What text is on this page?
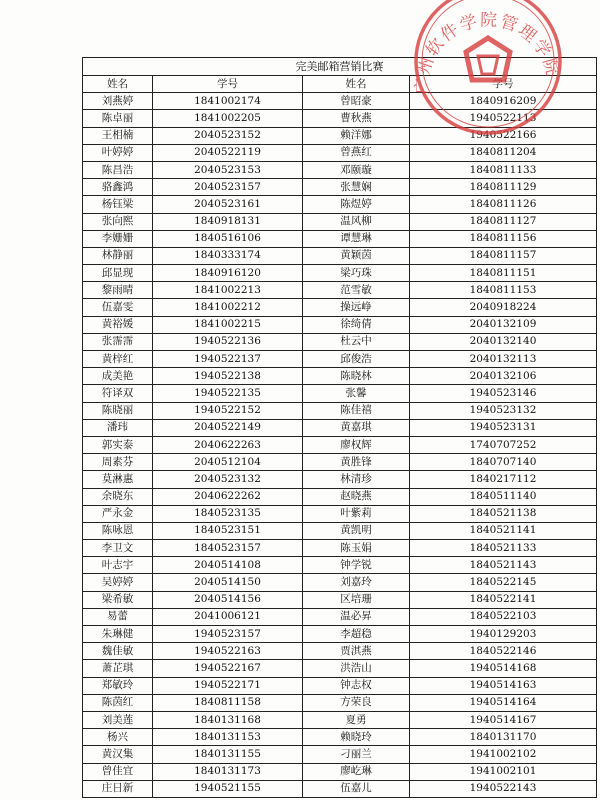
完美邮箱营销比赛			
姓名	学号	姓名	学号
刘燕婷	1841002174	曾昭豪	1840916209
陈卓丽	1841002205	曹秋燕	1940522113
王相楠	2040523152	赖洋娜	1940522166
叶婷婷	2040522119	曾燕红	1840811204
陈昌浩	2040523153	邓颐璇	1840811133
骆鑫鸿	2040523157	张慧娴	1840811129
杨钰梁	2040523161	陈煜婷	1840811126
张向熙	1840918131	温风柳	1840811127
李姗姗	1840516106	谭慧琳	1840811156
林静丽	1840333174	黄颖茵	1840811157
邱显现	1840916120	梁巧珠	1840811151
黎雨晴	1841002213	范雪敏	1840811153
伍嘉雯	1841002212	操远峥	2040918224
黄裕媛	1841002215	徐绮倩	2040132109
张霈霈	1940522136	杜云中	2040132140
黄梓红	1940522137	邱俊浩	2040132113
成美艳	1940522138	陈晓林	2040132106
符译双	1940522135	张馨	1940523146
陈晓丽	1940522152	陈佳禧	1940523132
潘玮	2040522149	黄嘉琪	1940523131
郭实泰	2040622263	廖权辉	1740707252
周素芬	2040512104	黄胜锋	1840707140
莫淋惠	2040523132	林清珍	1840217112
余晓东	2040622262	赵晓燕	1840511140
严永金	1840523135	叶紫莉	1840521138
陈咏恩	1840523151	黄凯明	1840521141
李卫文	1840523157	陈玉娟	1840521133
叶志宇	2040514108	钟学锐	1840521143
吴婷婷	2040514150	刘嘉玲	1840522145
梁希敏	2040514156	区培珊	1840522141
易蕾	2041006121	温必昇	1840522103
朱琳健	1940523157	李超稳	1940129203
魏佳敏	1940522163	贾淇燕	1840522146
萧芷琪	1940522167	洪浩山	1940514168
郑敏玲	1940522171	钟志权	1940514163
陈茵红	1840811158	方荣良	1940514164
刘美莲	1840131168	夏勇	1940514167
杨兴	1840131153	赖晓玲	1840131170
黄汉集	1840131155	刁丽兰	1941002102
曾佳宜	1840131173	廖屹琳	1941002101
庄日新	1940521155	伍嘉儿	1940522143
广州软件学院管理学院
